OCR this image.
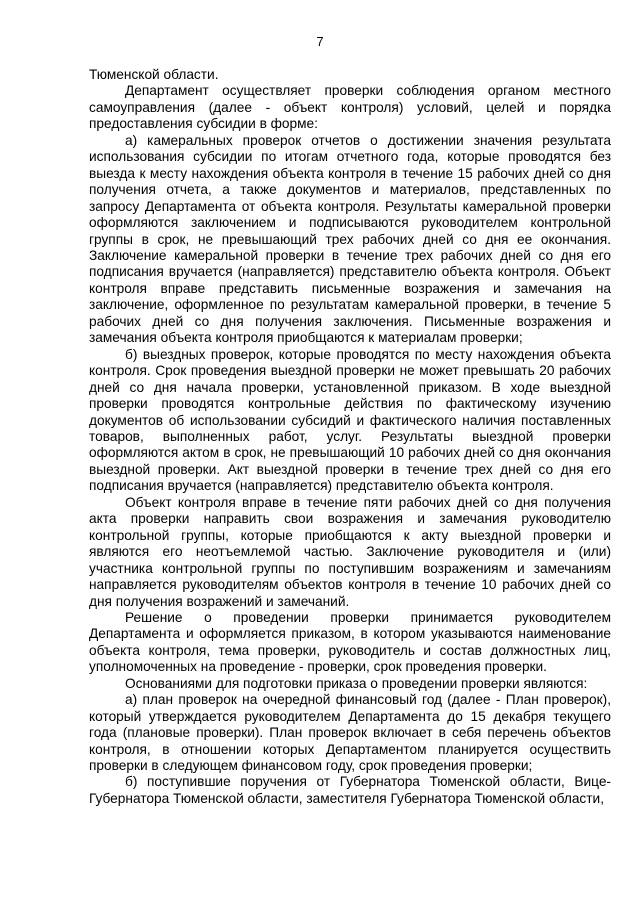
7

Тюменской области.

Департамент осуществляет проверки соблюдения органом местного самоуправления (далее - объект контроля) условий, целей и порядка предоставления субсидии в форме:

а) камеральных проверок отчетов о достижении значения результата использования субсидии по итогам отчетного года, которые проводятся без выезда к месту нахождения объекта контроля в течение 15 рабочих дней со дня получения отчета, а также документов и материалов, представленных по запросу Департамента от объекта контроля. Результаты камеральной проверки оформляются заключением и подписываются руководителем контрольной группы в срок, не превышающий трех рабочих дней со дня ее окончания. Заключение камеральной проверки в течение трех рабочих дней со дня его подписания вручается (направляется) представителю объекта контроля. Объект контроля вправе представить письменные возражения и замечания на заключение, оформленное по результатам камеральной проверки, в течение 5 рабочих дней со дня получения заключения. Письменные возражения и замечания объекта контроля приобщаются к материалам проверки;

б) выездных проверок, которые проводятся по месту нахождения объекта контроля. Срок проведения выездной проверки не может превышать 20 рабочих дней со дня начала проверки, установленной приказом. В ходе выездной проверки проводятся контрольные действия по фактическому изучению документов об использовании субсидий и фактического наличия поставленных товаров, выполненных работ, услуг. Результаты выездной проверки оформляются актом в срок, не превышающий 10 рабочих дней со дня окончания выездной проверки. Акт выездной проверки в течение трех дней со дня его подписания вручается (направляется) представителю объекта контроля.

Объект контроля вправе в течение пяти рабочих дней со дня получения акта проверки направить свои возражения и замечания руководителю контрольной группы, которые приобщаются к акту выездной проверки и являются его неотъемлемой частью. Заключение руководителя и (или) участника контрольной группы по поступившим возражениям и замечаниям направляется руководителям объектов контроля в течение 10 рабочих дней со дня получения возражений и замечаний.

Решение о проведении проверки принимается руководителем Департамента и оформляется приказом, в котором указываются наименование объекта контроля, тема проверки, руководитель и состав должностных лиц, уполномоченных на проведение - проверки, срок проведения проверки.

Основаниями для подготовки приказа о проведении проверки являются:

а) план проверок на очередной финансовый год (далее - План проверок), который утверждается руководителем Департамента до 15 декабря текущего года (плановые проверки). План проверок включает в себя перечень объектов контроля, в отношении которых Департаментом планируется осуществить проверки в следующем финансовом году, срок проведения проверки;

б) поступившие поручения от Губернатора Тюменской области, Вице-Губернатора Тюменской области, заместителя Губернатора Тюменской области,
